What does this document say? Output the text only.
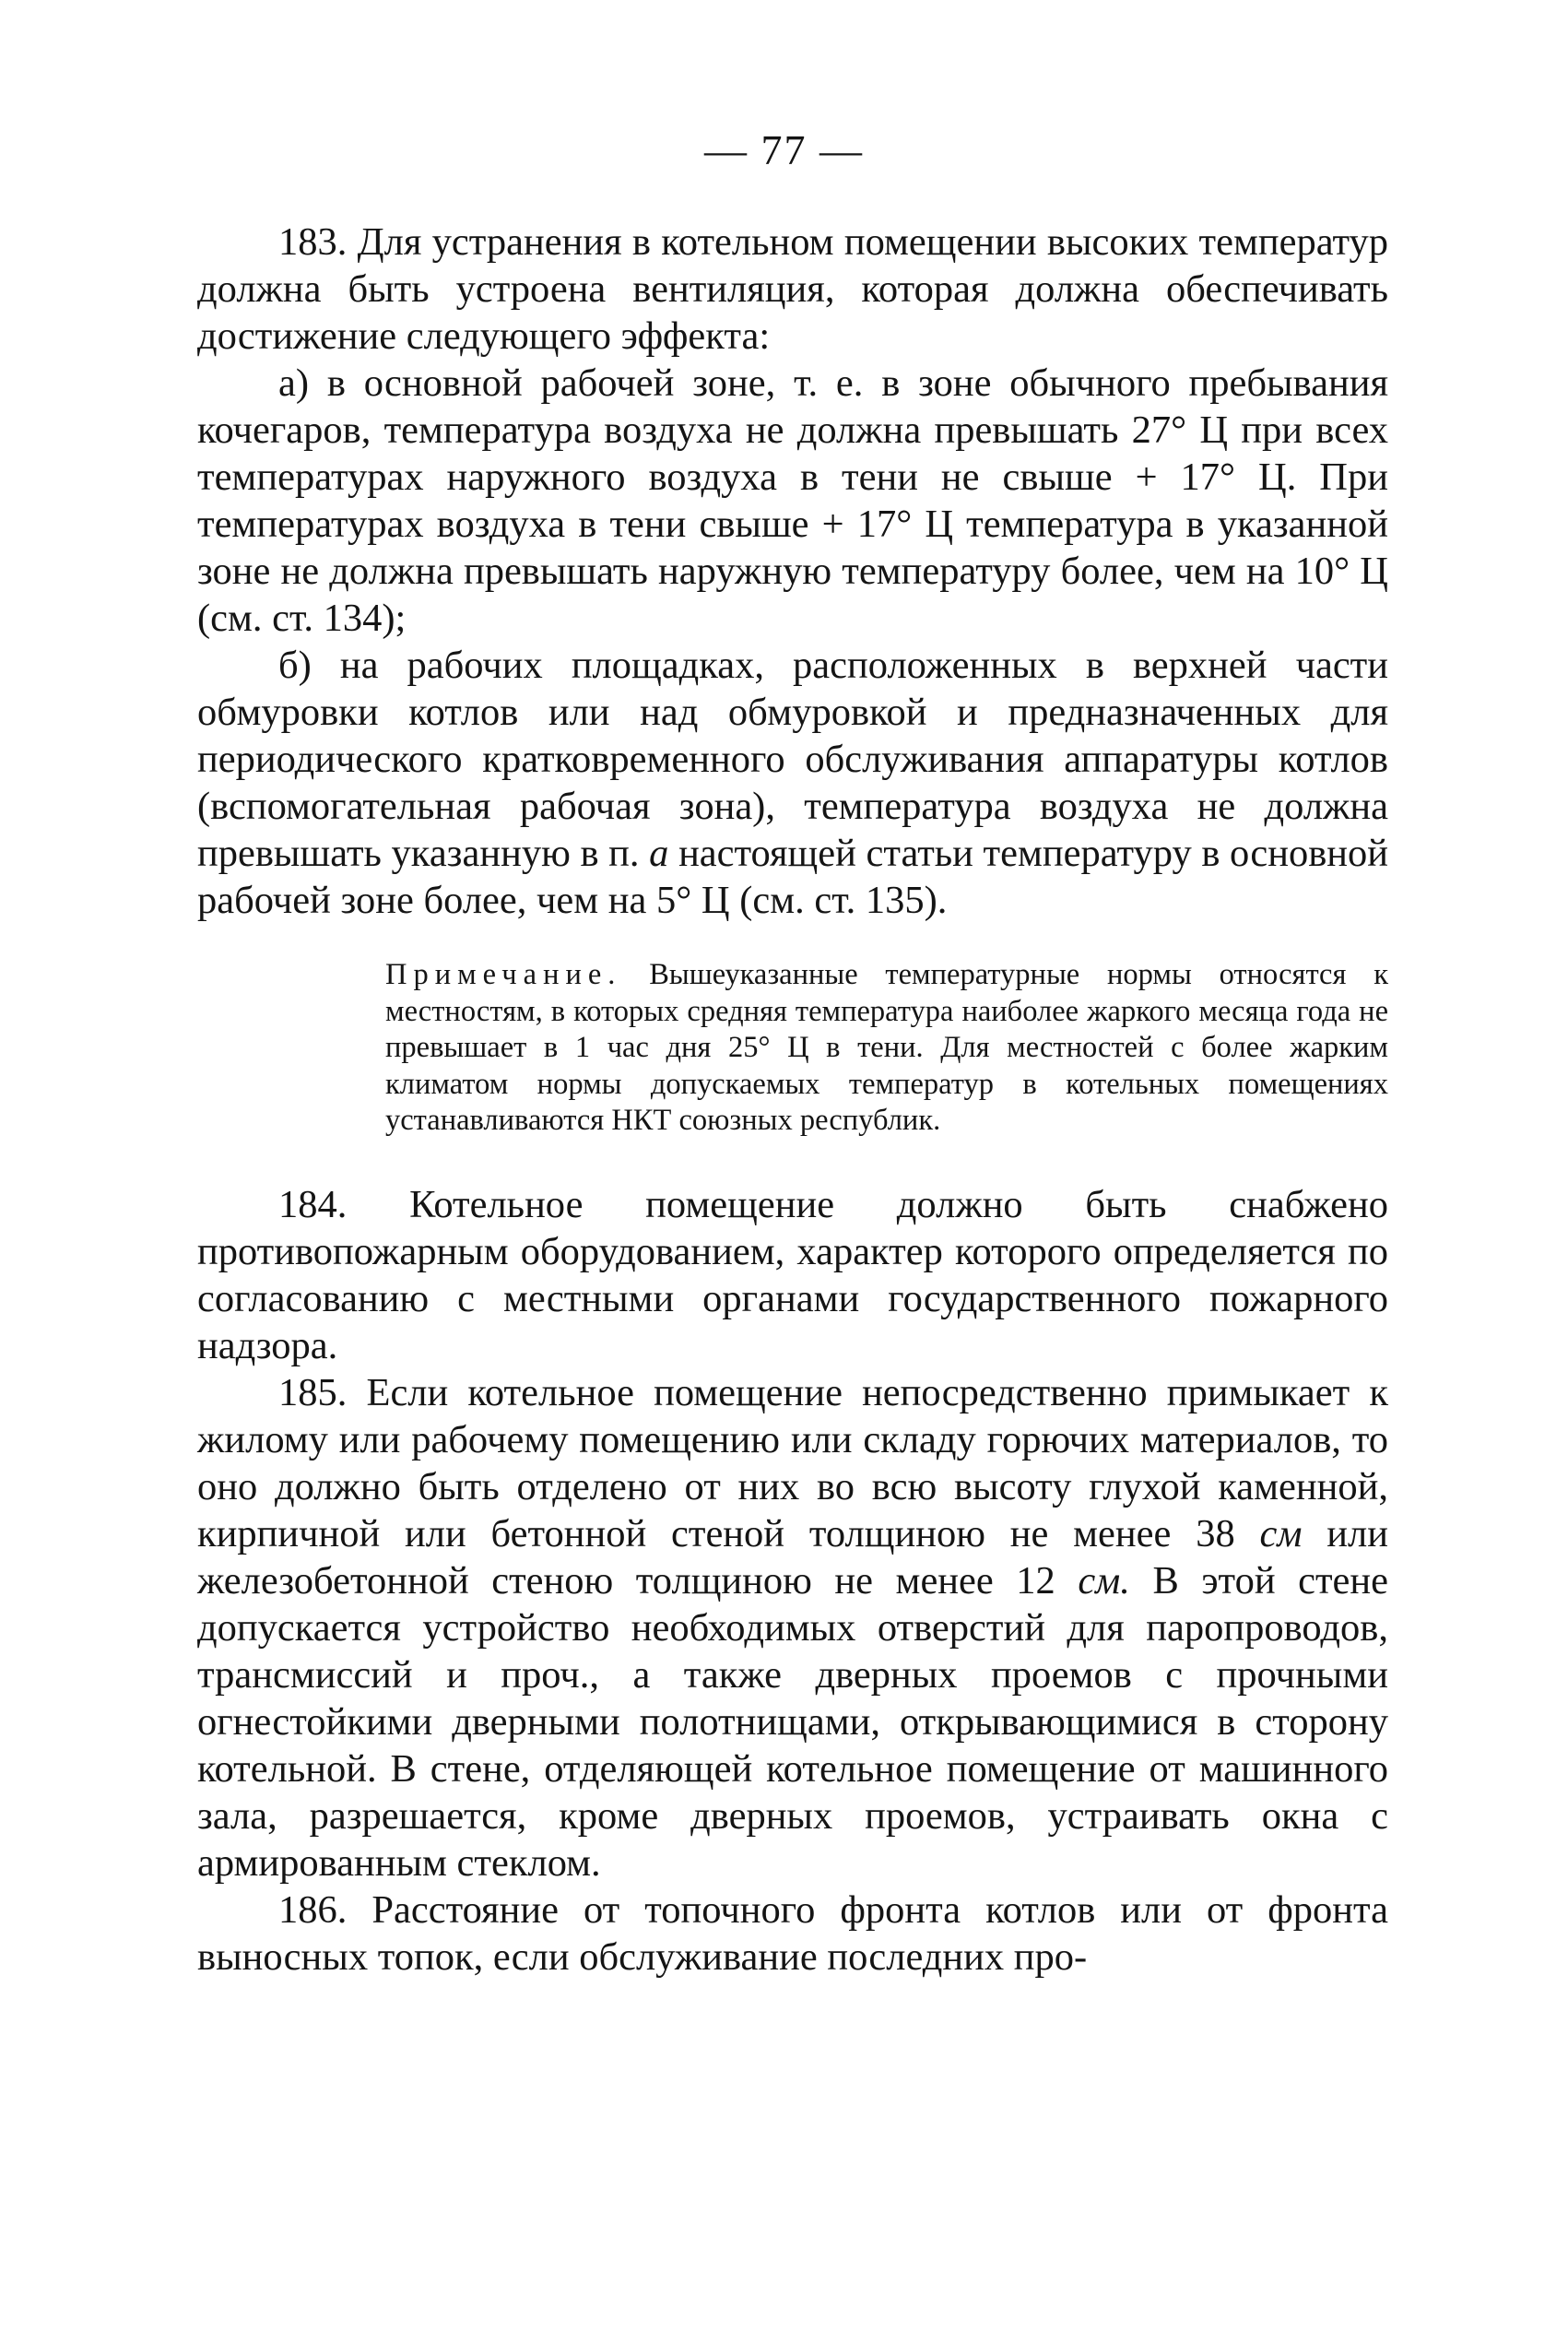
— 77 —

183. Для устранения в котельном помещении высоких температур должна быть устроена вентиляция, которая должна обеспечивать достижение следующего эффекта:

а) в основной рабочей зоне, т. е. в зоне обычного пребывания кочегаров, температура воздуха не должна превышать 27° Ц при всех температурах наружного воздуха в тени не свыше + 17° Ц. При температурах воздуха в тени свыше + 17° Ц температура в указанной зоне не должна превышать наружную температуру более, чем на 10° Ц (см. ст. 134);

б) на рабочих площадках, расположенных в верхней части обмуровки котлов или над обмуровкой и предназначенных для периодического кратковременного обслуживания аппаратуры котлов (вспомогательная рабочая зона), температура воздуха не должна превышать указанную в п. а настоящей статьи температуру в основной рабочей зоне более, чем на 5° Ц (см. ст. 135).

Примечание. Вышеуказанные температурные нормы относятся к местностям, в которых средняя температура наиболее жаркого месяца года не превышает в 1 час дня 25° Ц в тени. Для местностей с более жарким климатом нормы допускаемых температур в котельных помещениях устанавливаются НКТ союзных республик.

184. Котельное помещение должно быть снабжено противопожарным оборудованием, характер которого определяется по согласованию с местными органами государственного пожарного надзора.

185. Если котельное помещение непосредственно примыкает к жилому или рабочему помещению или складу горючих материалов, то оно должно быть отделено от них во всю высоту глухой каменной, кирпичной или бетонной стеной толщиною не менее 38 см или железобетонной стеною толщиною не менее 12 см. В этой стене допускается устройство необходимых отверстий для паропроводов, трансмиссий и проч., а также дверных проемов с прочными огнестойкими дверными полотнищами, открывающимися в сторону котельной. В стене, отделяющей котельное помещение от машинного зала, разрешается, кроме дверных проемов, устраивать окна с армированным стеклом.

186. Расстояние от топочного фронта котлов или от фронта выносных топок, если обслуживание последних про-
